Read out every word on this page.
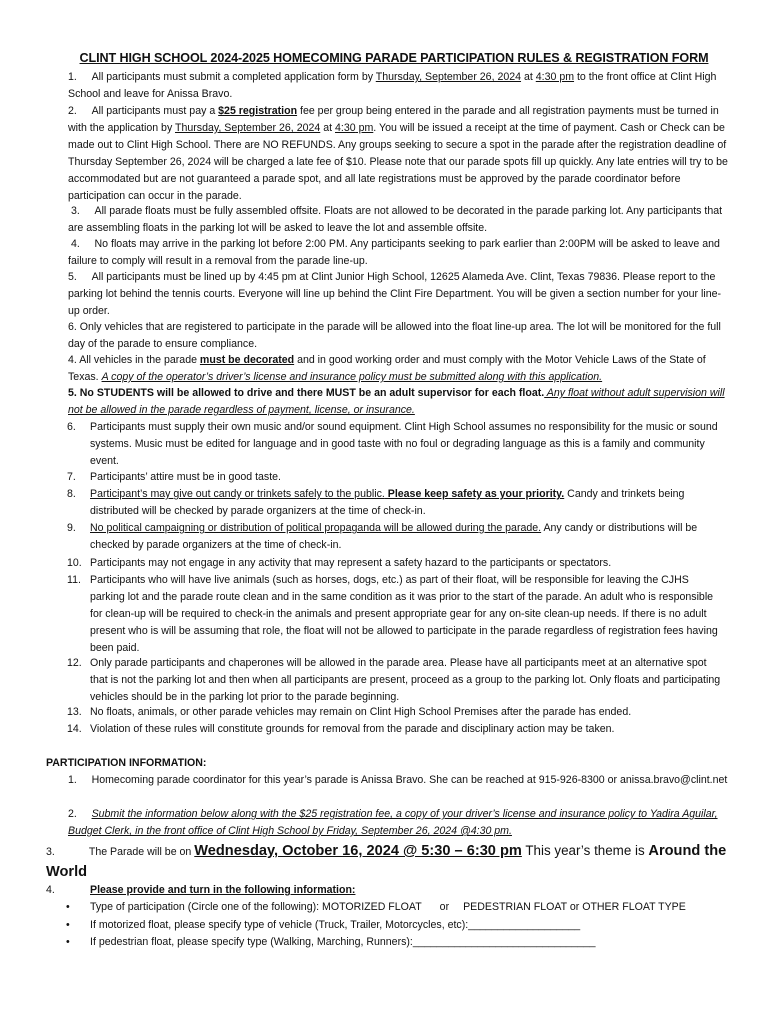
CLINT HIGH SCHOOL 2024-2025 HOMECOMING PARADE PARTICIPATION RULES & REGISTRATION FORM
1. All participants must submit a completed application form by Thursday, September 26, 2024 at 4:30 pm to the front office at Clint High School and leave for Anissa Bravo.
2. All participants must pay a $25 registration fee per group being entered in the parade and all registration payments must be turned in with the application by Thursday, September 26, 2024 at 4:30 pm. You will be issued a receipt at the time of payment. Cash or Check can be made out to Clint High School. There are NO REFUNDS. Any groups seeking to secure a spot in the parade after the registration deadline of Thursday September 26, 2024 will be charged a late fee of $10. Please note that our parade spots fill up quickly. Any late entries will try to be accommodated but are not guaranteed a parade spot, and all late registrations must be approved by the parade coordinator before participation can occur in the parade.
3. All parade floats must be fully assembled offsite. Floats are not allowed to be decorated in the parade parking lot. Any participants that are assembling floats in the parking lot will be asked to leave the lot and assemble offsite.
4. No floats may arrive in the parking lot before 2:00 PM. Any participants seeking to park earlier than 2:00PM will be asked to leave and failure to comply will result in a removal from the parade line-up.
5. All participants must be lined up by 4:45 pm at Clint Junior High School, 12625 Alameda Ave. Clint, Texas 79836. Please report to the parking lot behind the tennis courts. Everyone will line up behind the Clint Fire Department. You will be given a section number for your line-up order.
6. Only vehicles that are registered to participate in the parade will be allowed into the float line-up area. The lot will be monitored for the full day of the parade to ensure compliance.
4. All vehicles in the parade must be decorated and in good working order and must comply with the Motor Vehicle Laws of the State of Texas. A copy of the operator’s driver’s license and insurance policy must be submitted along with this application.
5. No STUDENTS will be allowed to drive and there MUST be an adult supervisor for each float. Any float without adult supervision will not be allowed in the parade regardless of payment, license, or insurance.
6.	Participants must supply their own music and/or sound equipment. Clint High School assumes no responsibility for the music or sound systems. Music must be edited for language and in good taste with no foul or degrading language as this is a family and community event.
7.	Participants’ attire must be in good taste.
8.	Participant’s may give out candy or trinkets safely to the public. Please keep safety as your priority. Candy and trinkets being distributed will be checked by parade organizers at the time of check-in.
9.	No political campaigning or distribution of political propaganda will be allowed during the parade. Any candy or distributions will be checked by parade organizers at the time of check-in.
10. Participants may not engage in any activity that may represent a safety hazard to the participants or spectators.
11. Participants who will have live animals (such as horses, dogs, etc.) as part of their float, will be responsible for leaving the CJHS parking lot and the parade route clean and in the same condition as it was prior to the start of the parade. An adult who is responsible for clean-up will be required to check-in the animals and present appropriate gear for any on-site clean-up needs. If there is no adult present who is will be assuming that role, the float will not be allowed to participate in the parade regardless of registration fees having been paid.
12. Only parade participants and chaperones will be allowed in the parade area. Please have all participants meet at an alternative spot that is not the parking lot and then when all participants are present, proceed as a group to the parking lot. Only floats and participating vehicles should be in the parking lot prior to the parade beginning.
13. No floats, animals, or other parade vehicles may remain on Clint High School Premises after the parade has ended.
14. Violation of these rules will constitute grounds for removal from the parade and disciplinary action may be taken.
PARTICIPATION INFORMATION:
1. Homecoming parade coordinator for this year’s parade is Anissa Bravo. She can be reached at 915-926-8300 or anissa.bravo@clint.net
2. Submit the information below along with the $25 registration fee, a copy of your driver’s license and insurance policy to Yadira Aguilar, Budget Clerk, in the front office of Clint High School by Friday, September 26, 2024 @4:30 pm.
3.	The Parade will be on Wednesday, October 16, 2024 @ 5:30 – 6:30 pm This year’s theme is Around the
World
4.	Please provide and turn in the following information:
• Type of participation (Circle one of the following): MOTORIZED FLOAT or PEDESTRIAN FLOAT or OTHER FLOAT TYPE
• If motorized float, please specify type of vehicle (Truck, Trailer, Motorcycles, etc):___________________
• If pedestrian float, please specify type (Walking, Marching, Runners):_______________________________
